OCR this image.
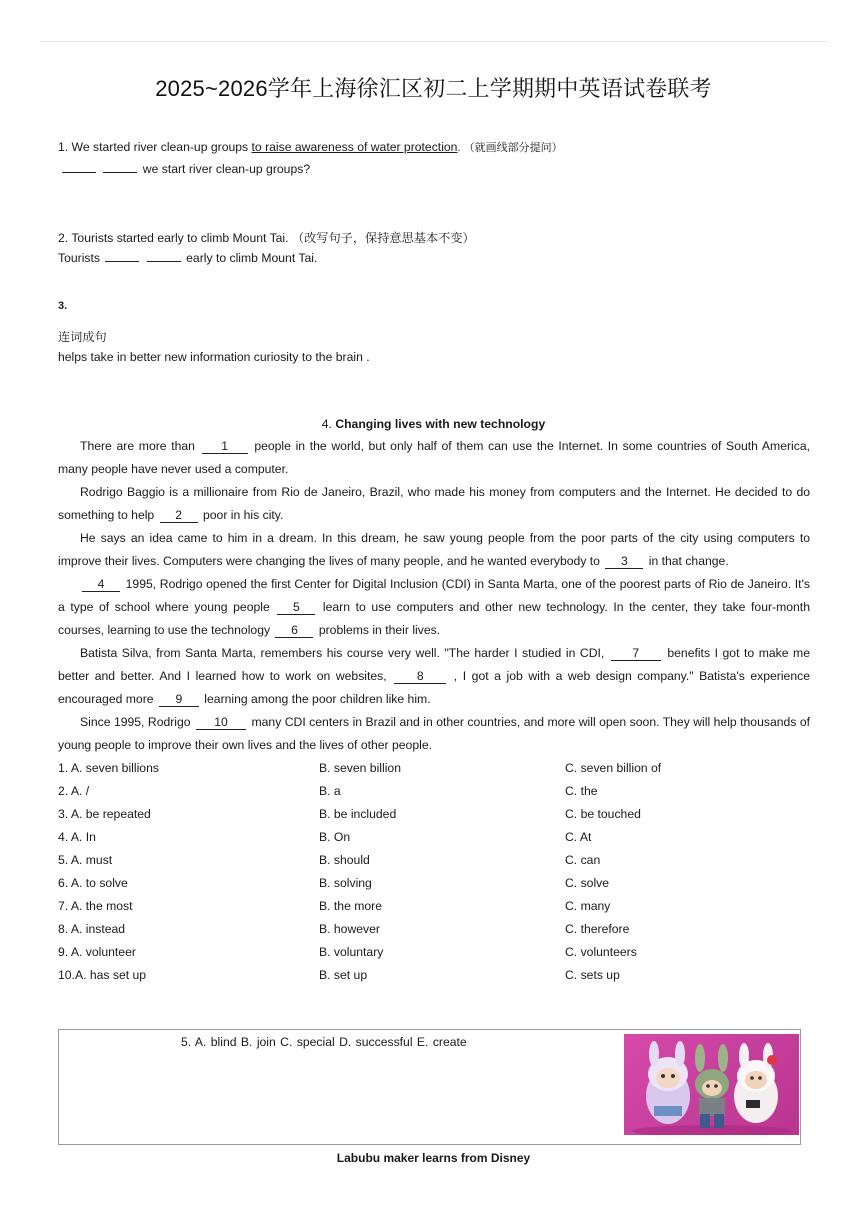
2025~2026学年上海徐汇区初二上学期期中英语试卷联考
1. We started river clean-up groups to raise awareness of water protection. （就画线部分提问）
we start river clean-up groups?
2. Tourists started early to climb Mount Tai. （改写句子，保持意思基本不变）
Tourists	early to climb Mount Tai.
3.
连词成句
helps take in better new information curiosity to the brain .
4. Changing lives with new technology
There are more than 1 people in the world, but only half of them can use the Internet. In some countries of South America, many people have never used a computer.
Rodrigo Baggio is a millionaire from Rio de Janeiro, Brazil, who made his money from computers and the Internet. He decided to do something to help 2 poor in his city.
He says an idea came to him in a dream. In this dream, he saw young people from the poor parts of the city using computers to improve their lives. Computers were changing the lives of many people, and he wanted everybody to 3 in that change.
4 1995, Rodrigo opened the first Center for Digital Inclusion (CDI) in Santa Marta, one of the poorest parts of Rio de Janeiro. It's a type of school where young people 5 learn to use computers and other new technology. In the center, they take four-month courses, learning to use the technology 6 problems in their lives.
Batista Silva, from Santa Marta, remembers his course very well. "The harder I studied in CDI, 7 benefits I got to make me better and better. And I learned how to work on websites, 8 , I got a job with a web design company." Batista's experience encouraged more 9 learning among the poor children like him.
Since 1995, Rodrigo 10 many CDI centers in Brazil and in other countries, and more will open soon. They will help thousands of young people to improve their own lives and the lives of other people.
1. A. seven billions	B. seven billion	C. seven billion of
2. A. /	B. a	C. the
3. A. be repeated	B. be included	C. be touched
4. A. In	B. On	C. At
5. A. must	B. should	C. can
6. A. to solve	B. solving	C. solve
7. A. the most	B. the more	C. many
8. A. instead	B. however	C. therefore
9. A. volunteer	B. voluntary	C. volunteers
10.A. has set up	B. set up	C. sets up
5. A. blind B. join C. special D. successful E. create
Labubu maker learns from Disney
